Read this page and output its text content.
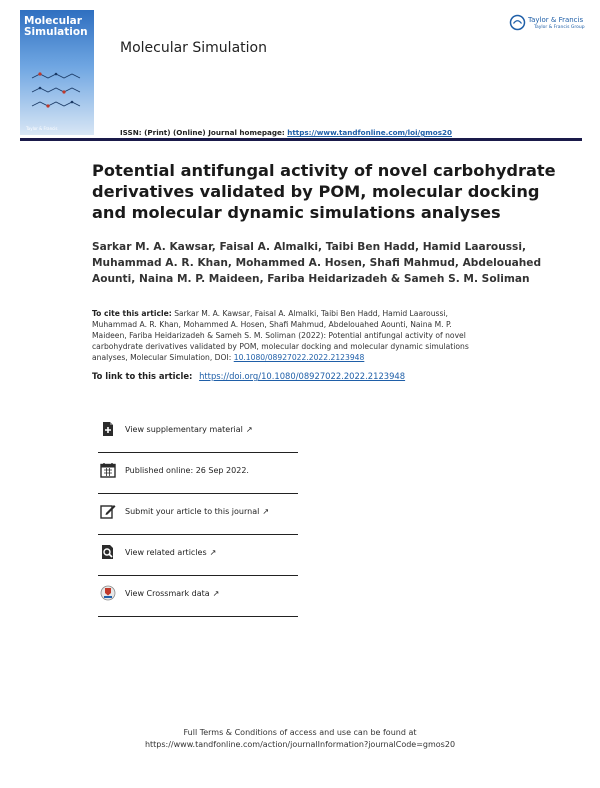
Molecular
Simulation
Taylor & Francis
Molecular Simulation
Taylor & Francis
Taylor & Francis Group
ISSN: (Print) (Online) Journal homepage: https://www.tandfonline.com/loi/gmos20
Potential antifungal activity of novel carbohydrate
derivatives validated by POM, molecular docking
and molecular dynamic simulations analyses
Sarkar M. A. Kawsar, Faisal A. Almalki, Taibi Ben Hadd, Hamid Laaroussi,
Muhammad A. R. Khan, Mohammed A. Hosen, Shafi Mahmud, Abdelouahed
Aounti, Naina M. P. Maideen, Fariba Heidarizadeh & Sameh S. M. Soliman
To cite this article: Sarkar M. A. Kawsar, Faisal A. Almalki, Taibi Ben Hadd, Hamid Laaroussi,
Muhammad A. R. Khan, Mohammed A. Hosen, Shafi Mahmud, Abdelouahed Aounti, Naina M. P.
Maideen, Fariba Heidarizadeh & Sameh S. M. Soliman (2022): Potential antifungal activity of novel
carbohydrate derivatives validated by POM, molecular docking and molecular dynamic simulations
analyses, Molecular Simulation, DOI: 10.1080/08927022.2022.2123948
To link to this article: https://doi.org/10.1080/08927022.2022.2123948
View supplementary material ↗
Published online: 26 Sep 2022.
Submit your article to this journal ↗
View related articles ↗
View Crossmark data ↗
Full Terms & Conditions of access and use can be found at
https://www.tandfonline.com/action/journalInformation?journalCode=gmos20
